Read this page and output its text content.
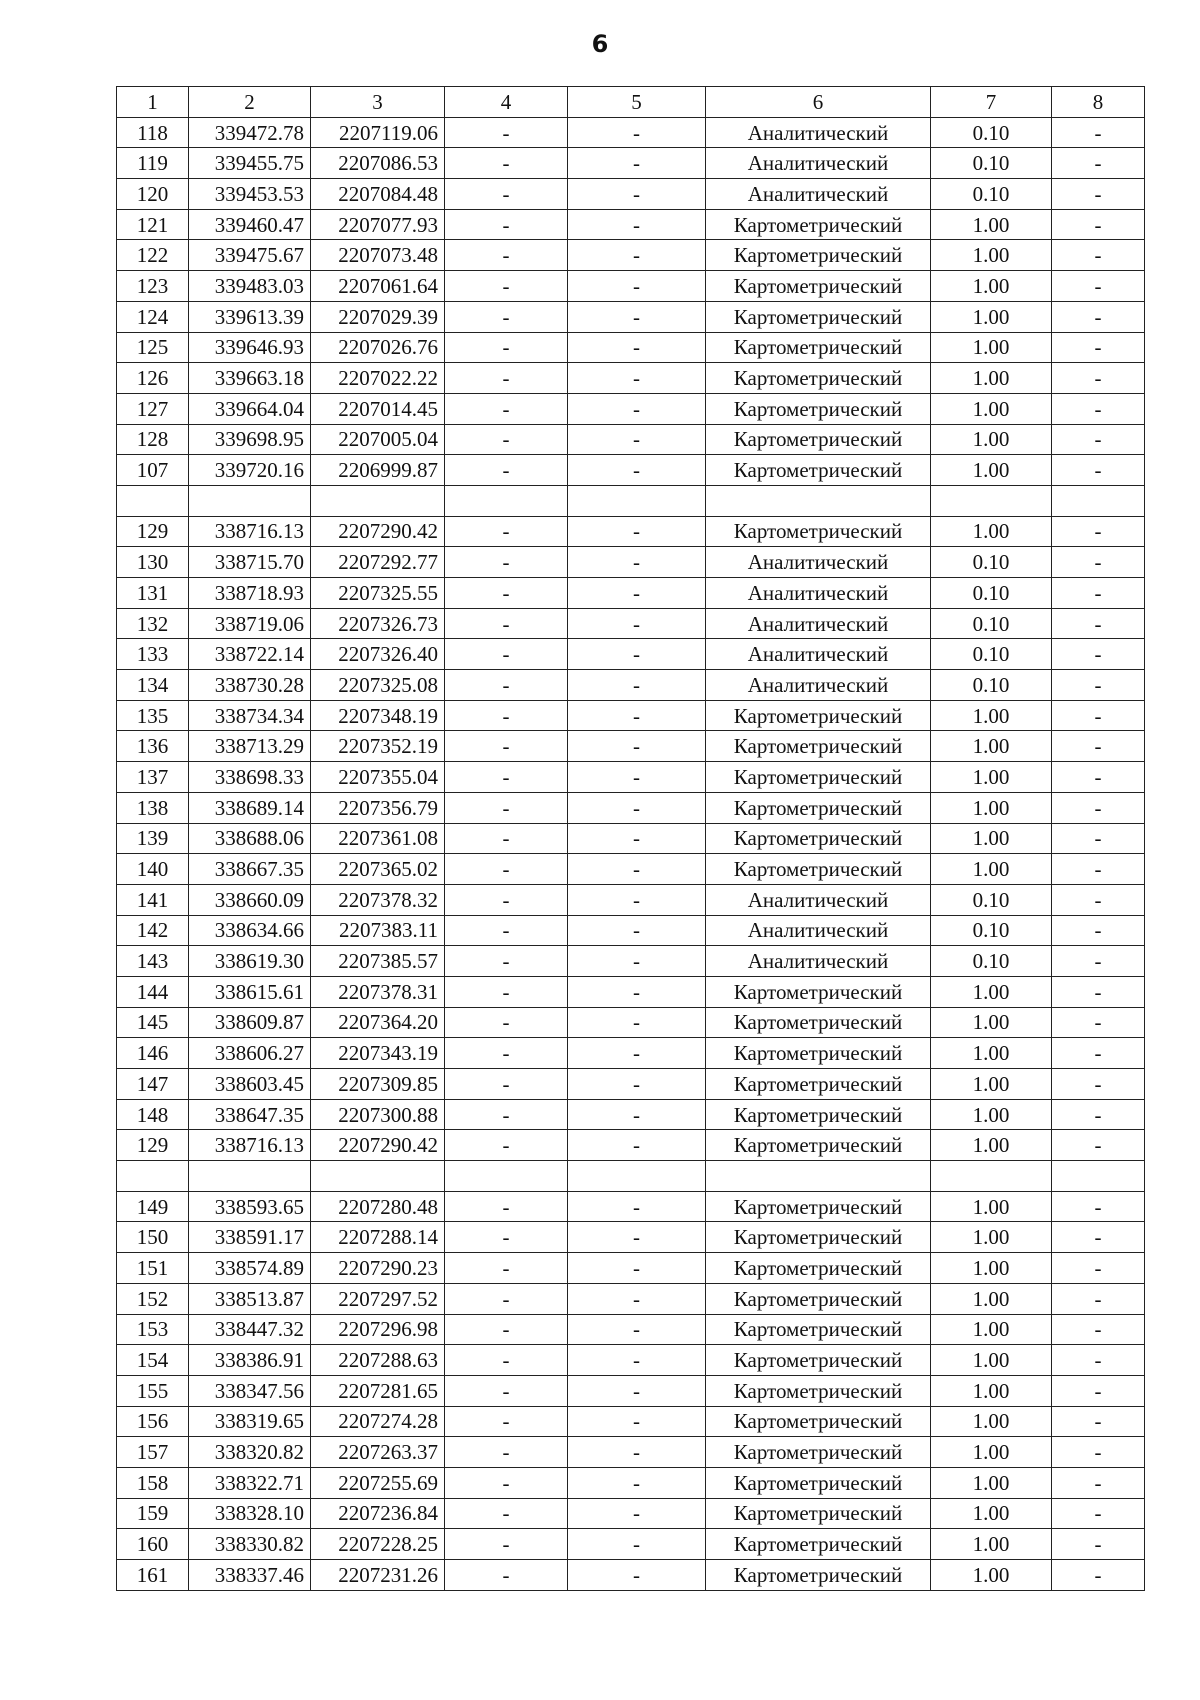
6
1	2	3	4	5	6	7	8
118	339472.78	2207119.06	-	-	Аналитический	0.10	-
119	339455.75	2207086.53	-	-	Аналитический	0.10	-
120	339453.53	2207084.48	-	-	Аналитический	0.10	-
121	339460.47	2207077.93	-	-	Картометрический	1.00	-
122	339475.67	2207073.48	-	-	Картометрический	1.00	-
123	339483.03	2207061.64	-	-	Картометрический	1.00	-
124	339613.39	2207029.39	-	-	Картометрический	1.00	-
125	339646.93	2207026.76	-	-	Картометрический	1.00	-
126	339663.18	2207022.22	-	-	Картометрический	1.00	-
127	339664.04	2207014.45	-	-	Картометрический	1.00	-
128	339698.95	2207005.04	-	-	Картометрический	1.00	-
107	339720.16	2206999.87	-	-	Картометрический	1.00	-

129	338716.13	2207290.42	-	-	Картометрический	1.00	-
130	338715.70	2207292.77	-	-	Аналитический	0.10	-
131	338718.93	2207325.55	-	-	Аналитический	0.10	-
132	338719.06	2207326.73	-	-	Аналитический	0.10	-
133	338722.14	2207326.40	-	-	Аналитический	0.10	-
134	338730.28	2207325.08	-	-	Аналитический	0.10	-
135	338734.34	2207348.19	-	-	Картометрический	1.00	-
136	338713.29	2207352.19	-	-	Картометрический	1.00	-
137	338698.33	2207355.04	-	-	Картометрический	1.00	-
138	338689.14	2207356.79	-	-	Картометрический	1.00	-
139	338688.06	2207361.08	-	-	Картометрический	1.00	-
140	338667.35	2207365.02	-	-	Картометрический	1.00	-
141	338660.09	2207378.32	-	-	Аналитический	0.10	-
142	338634.66	2207383.11	-	-	Аналитический	0.10	-
143	338619.30	2207385.57	-	-	Аналитический	0.10	-
144	338615.61	2207378.31	-	-	Картометрический	1.00	-
145	338609.87	2207364.20	-	-	Картометрический	1.00	-
146	338606.27	2207343.19	-	-	Картометрический	1.00	-
147	338603.45	2207309.85	-	-	Картометрический	1.00	-
148	338647.35	2207300.88	-	-	Картометрический	1.00	-
129	338716.13	2207290.42	-	-	Картометрический	1.00	-

149	338593.65	2207280.48	-	-	Картометрический	1.00	-
150	338591.17	2207288.14	-	-	Картометрический	1.00	-
151	338574.89	2207290.23	-	-	Картометрический	1.00	-
152	338513.87	2207297.52	-	-	Картометрический	1.00	-
153	338447.32	2207296.98	-	-	Картометрический	1.00	-
154	338386.91	2207288.63	-	-	Картометрический	1.00	-
155	338347.56	2207281.65	-	-	Картометрический	1.00	-
156	338319.65	2207274.28	-	-	Картометрический	1.00	-
157	338320.82	2207263.37	-	-	Картометрический	1.00	-
158	338322.71	2207255.69	-	-	Картометрический	1.00	-
159	338328.10	2207236.84	-	-	Картометрический	1.00	-
160	338330.82	2207228.25	-	-	Картометрический	1.00	-
161	338337.46	2207231.26	-	-	Картометрический	1.00	-
